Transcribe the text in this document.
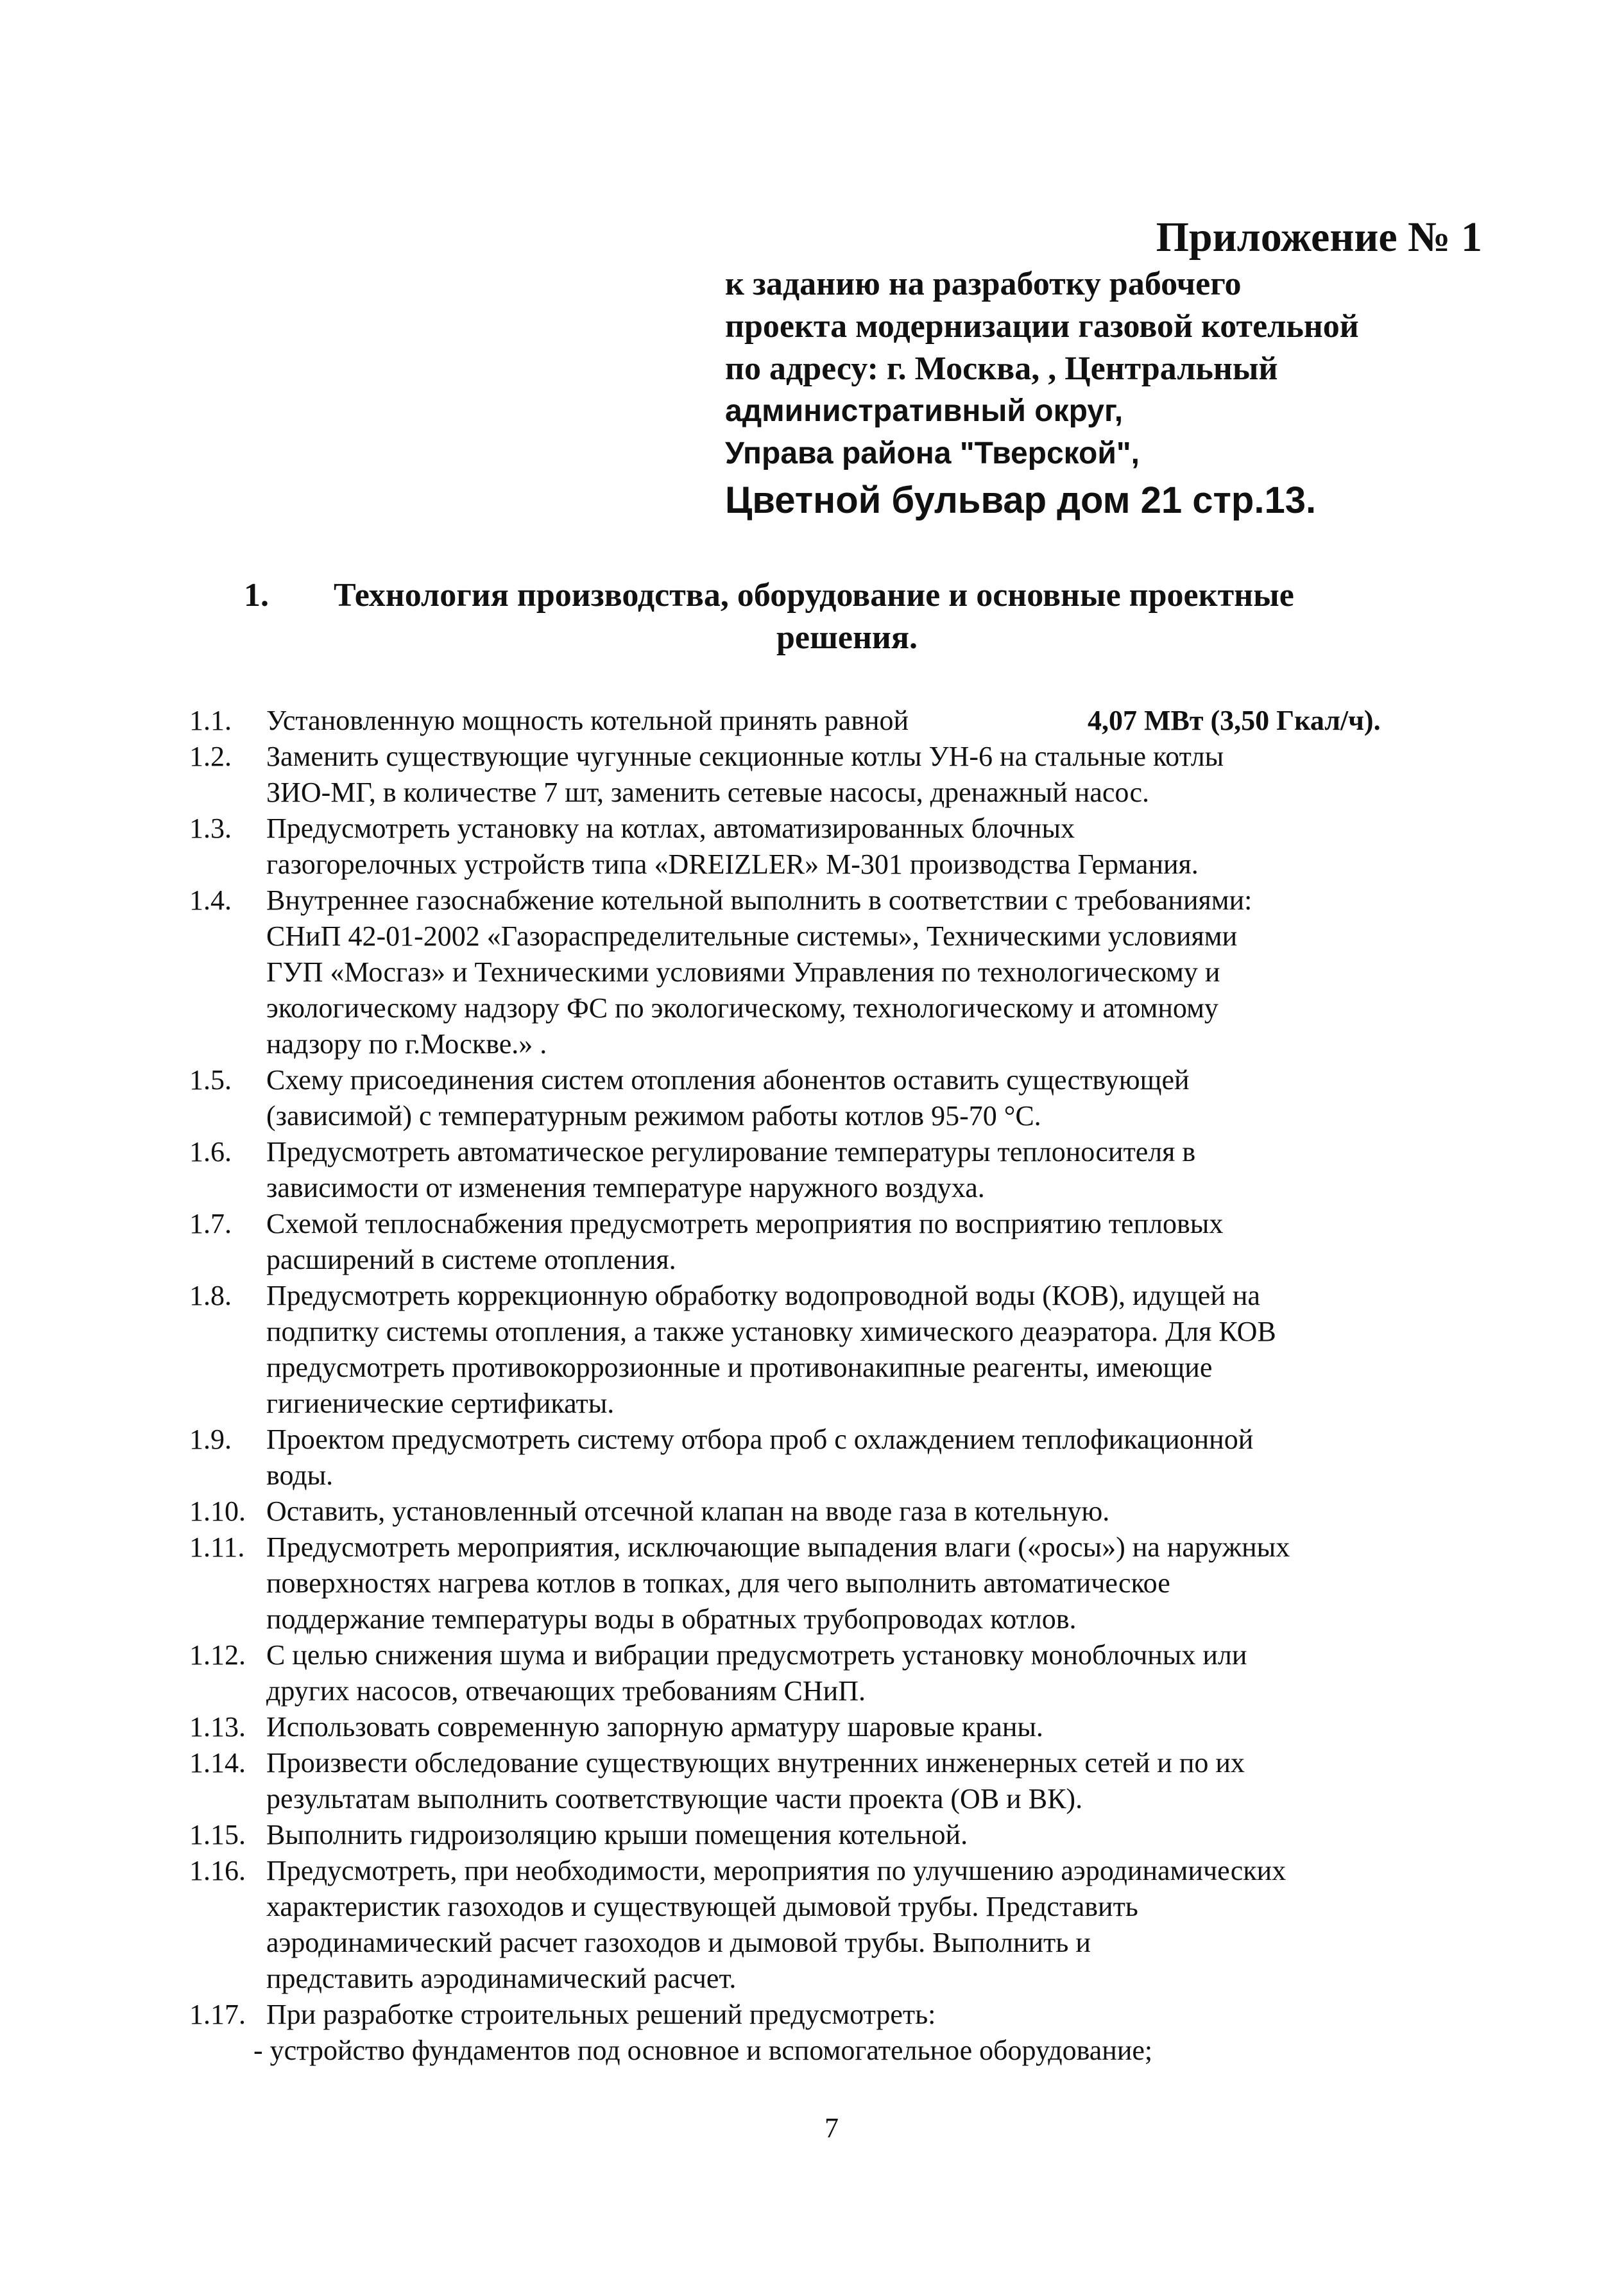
Приложение № 1
к заданию на разработку рабочего
проекта модернизации газовой котельной
по адресу: г. Москва, , Центральный
административный округ,
Управа района "Тверской",
Цветной бульвар дом 21 стр.13.
1.	Технология производства, оборудование и основные проектные
решения.
1.1. Установленную мощность котельной принять равной	4,07 МВт (3,50 Гкал/ч).
1.2. Заменить существующие чугунные секционные котлы УН-6 на стальные котлы
ЗИО-МГ, в количестве 7 шт, заменить сетевые насосы, дренажный насос.
1.3. Предусмотреть установку на котлах, автоматизированных блочных
газогорелочных устройств типа «DREIZLER» М-301 производства Германия.
1.4. Внутреннее газоснабжение котельной выполнить в соответствии с требованиями:
СНиП 42-01-2002 «Газораспределительные системы», Техническими условиями
ГУП «Мосгаз» и Техническими условиями Управления по технологическому и
экологическому надзору ФС по экологическому, технологическому и атомному
надзору по г.Москве.» .
1.5. Схему присоединения систем отопления абонентов оставить существующей
(зависимой) с температурным режимом работы котлов 95-70 °С.
1.6. Предусмотреть автоматическое регулирование температуры теплоносителя в
зависимости от изменения температуре наружного воздуха.
1.7. Схемой теплоснабжения предусмотреть мероприятия по восприятию тепловых
расширений в системе отопления.
1.8. Предусмотреть коррекционную обработку водопроводной воды (КОВ), идущей на
подпитку системы отопления, а также установку химического деаэратора. Для КОВ
предусмотреть противокоррозионные и противонакипные реагенты, имеющие
гигиенические сертификаты.
1.9. Проектом предусмотреть систему отбора проб с охлаждением теплофикационной
воды.
1.10. Оставить, установленный отсечной клапан на вводе газа в котельную.
1.11. Предусмотреть мероприятия, исключающие выпадения влаги («росы») на наружных
поверхностях нагрева котлов в топках, для чего выполнить автоматическое
поддержание температуры воды в обратных трубопроводах котлов.
1.12. С целью снижения шума и вибрации предусмотреть установку моноблочных или
других насосов, отвечающих требованиям СНиП.
1.13. Использовать современную запорную арматуру шаровые краны.
1.14. Произвести обследование существующих внутренних инженерных сетей и по их
результатам выполнить соответствующие части проекта (ОВ и ВК).
1.15. Выполнить гидроизоляцию крыши помещения котельной.
1.16. Предусмотреть, при необходимости, мероприятия по улучшению аэродинамических
характеристик газоходов и существующей дымовой трубы. Представить
аэродинамический расчет газоходов и дымовой трубы. Выполнить и
представить аэродинамический расчет.
1.17. При разработке строительных решений предусмотреть:
- устройство фундаментов под основное и вспомогательное оборудование;
7
